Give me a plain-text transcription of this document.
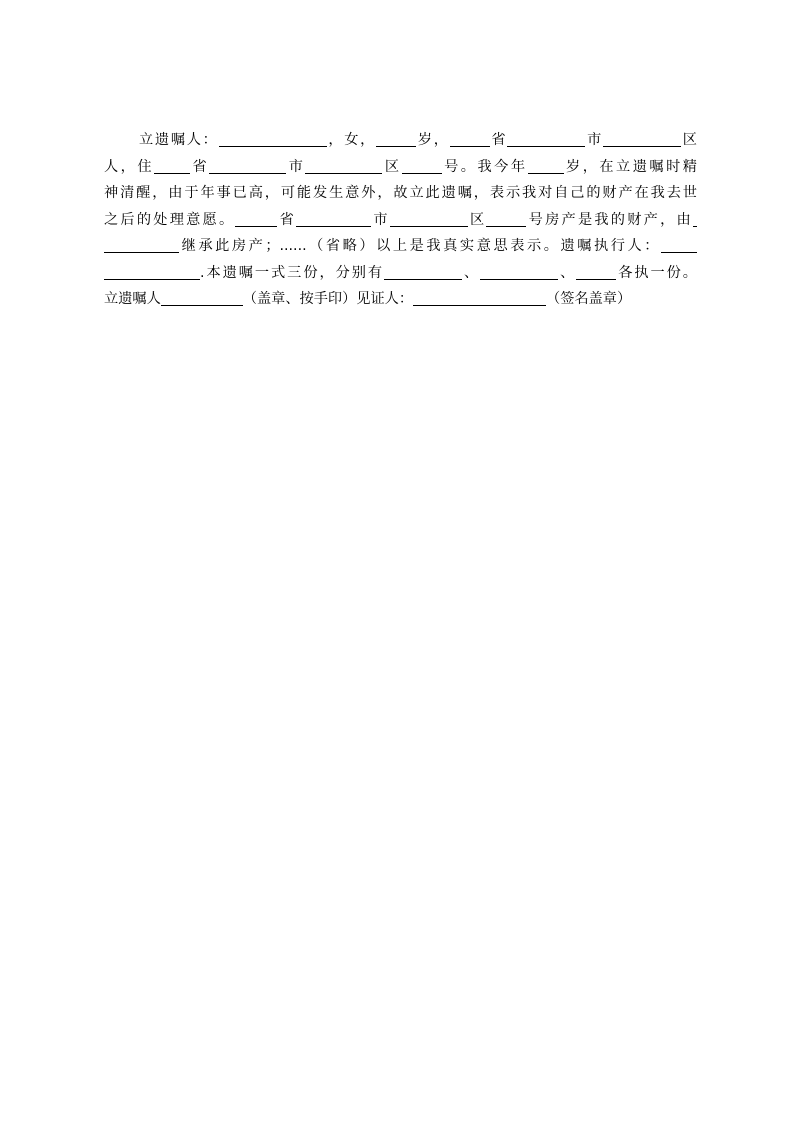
立遗嘱人：	，女，	岁，	省	市	区
人，住	省	市	区	号。我今年	岁，在立遗嘱时精
神清醒，由于年事已高，可能发生意外，故立此遗嘱，表示我对自己的财产在我去世
之后的处理意愿。	省	市	区	号房产是我的财产，由
继承此房产；......（省略）以上是我真实意思表示。遗嘱执行人：
.本遗嘱一式三份，分别有	、	、	各执一份。
立遗嘱人	（盖章、按手印）见证人：	（签名盖章）
